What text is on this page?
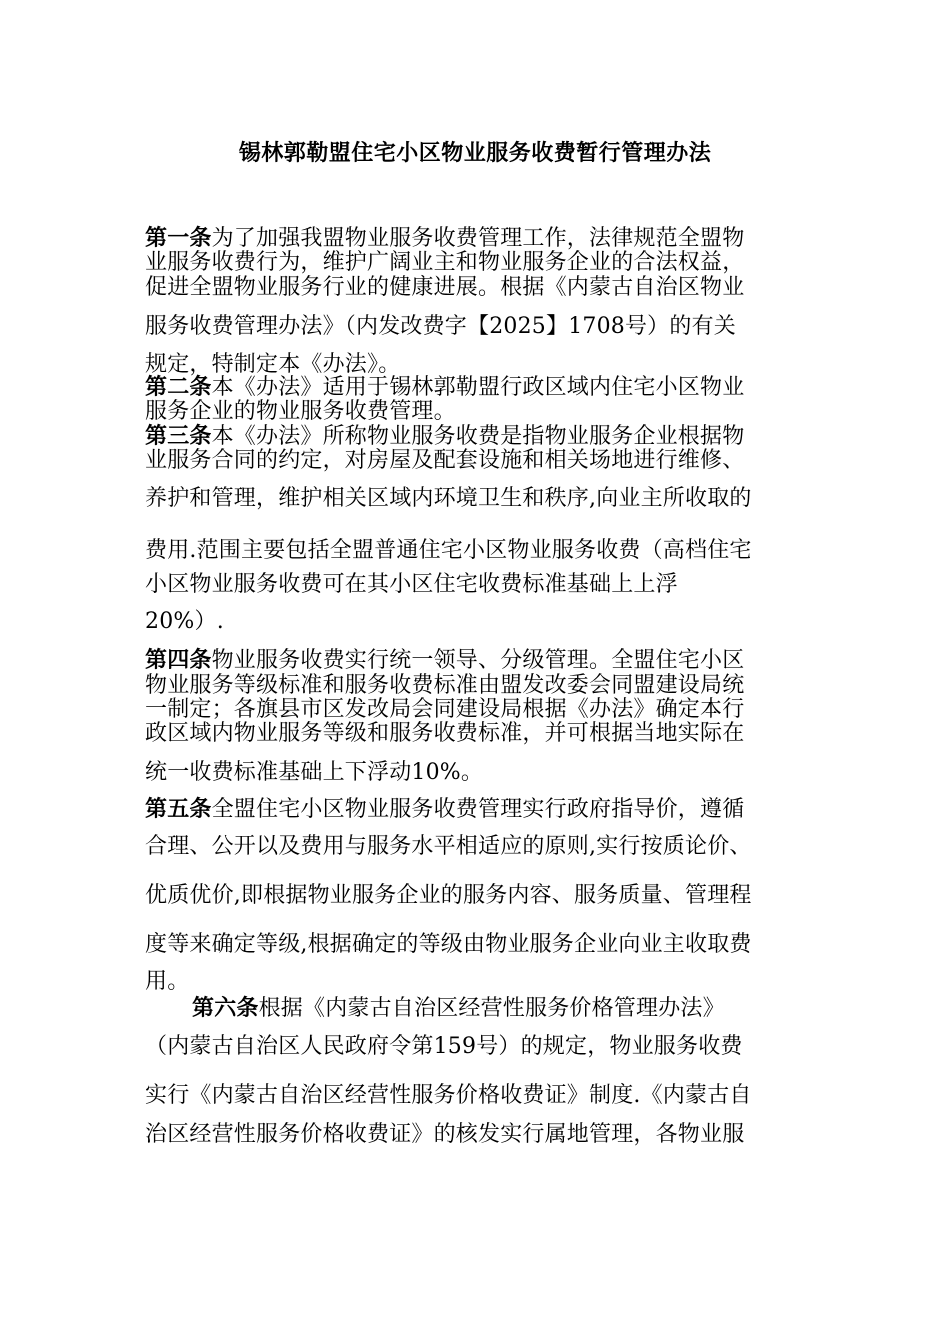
锡林郭勒盟住宅小区物业服务收费暂行管理办法
第一条为了加强我盟物业服务收费管理工作，法律规范全盟物
业服务收费行为，维护广阔业主和物业服务企业的合法权益，
促进全盟物业服务行业的健康进展。根据《内蒙古自治区物业
服务收费管理办法》（内发改费字【2025】1708号）的有关
规定，特制定本《办法》。
第二条本《办法》适用于锡林郭勒盟行政区域内住宅小区物业
服务企业的物业服务收费管理。
第三条本《办法》所称物业服务收费是指物业服务企业根据物
业服务合同的约定，对房屋及配套设施和相关场地进行维修、
养护和管理，维护相关区域内环境卫生和秩序,向业主所收取的
费用.范围主要包括全盟普通住宅小区物业服务收费（高档住宅
小区物业服务收费可在其小区住宅收费标准基础上上浮
20%）.
第四条物业服务收费实行统一领导、分级管理。全盟住宅小区
物业服务等级标准和服务收费标准由盟发改委会同盟建设局统
一制定；各旗县市区发改局会同建设局根据《办法》确定本行
政区域内物业服务等级和服务收费标准，并可根据当地实际在
统一收费标准基础上下浮动10%。
第五条全盟住宅小区物业服务收费管理实行政府指导价，遵循
合理、公开以及费用与服务水平相适应的原则,实行按质论价、
优质优价,即根据物业服务企业的服务内容、服务质量、管理程
度等来确定等级,根据确定的等级由物业服务企业向业主收取费
用。
第六条根据《内蒙古自治区经营性服务价格管理办法》
（内蒙古自治区人民政府令第159号）的规定，物业服务收费
实行《内蒙古自治区经营性服务价格收费证》制度.《内蒙古自
治区经营性服务价格收费证》的核发实行属地管理，各物业服
